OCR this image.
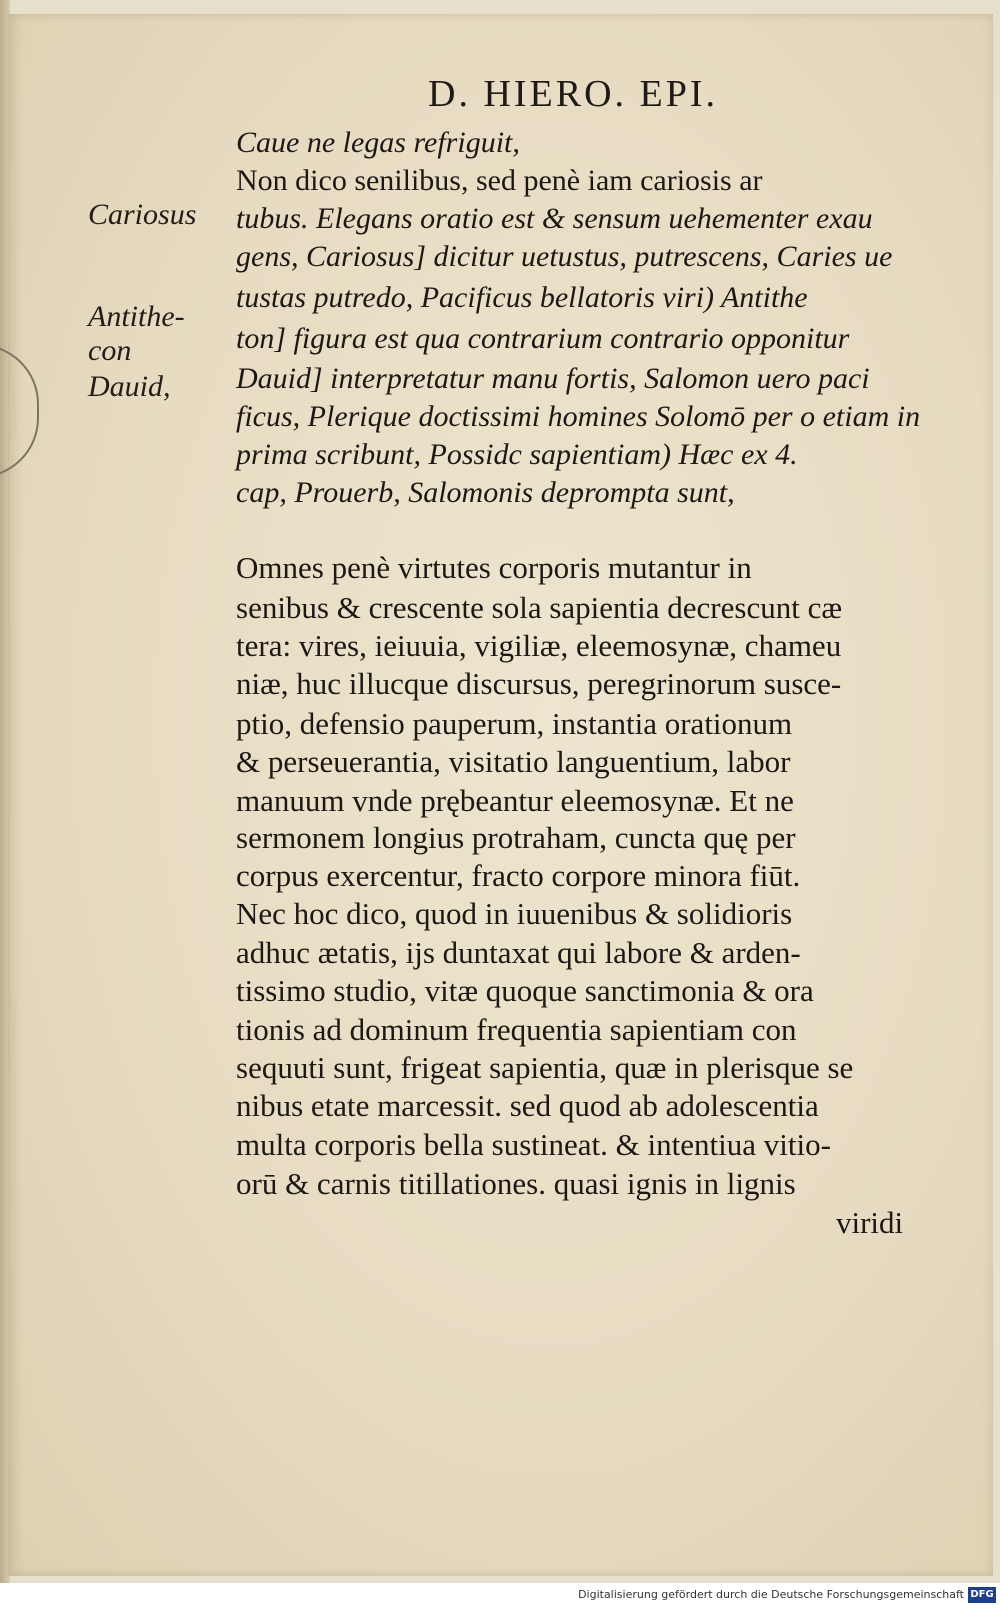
D. HIERO. EPI.
Cariosus
Antithe-
con
Dauid,
Caue ne legas refriguit,
Non dico senilibus, sed penè iam cariosis ar
tubus. Elegans oratio est & sensum uehementer exau
gens, Cariosus] dicitur uetustus, putrescens, Caries ue
tustas putredo, Pacificus bellatoris viri) Antithe
ton] figura est qua contrarium contrario opponitur
Dauid] interpretatur manu fortis, Salomon uero paci
ficus, Plerique doctissimi homines Solomō per o etiam in
prima scribunt, Possidc sapientiam) Hæc ex 4.
cap, Prouerb, Salomonis deprompta sunt,
Omnes penè virtutes corporis mutantur in
senibus & crescente sola sapientia decrescunt cæ
tera: vires, ieiuuia, vigiliæ, eleemosynæ, chameu
niæ, huc illucque discursus, peregrinorum susce-
ptio, defensio pauperum, instantia orationum
& perseuerantia, visitatio languentium, labor
manuum vnde prębeantur eleemosynæ. Et ne
sermonem longius protraham, cuncta quę per
corpus exercentur, fracto corpore minora fiūt.
Nec hoc dico, quod in iuuenibus & solidioris
adhuc ætatis, ijs duntaxat qui labore & arden-
tissimo studio, vitæ quoque sanctimonia & ora
tionis ad dominum frequentia sapientiam con
sequuti sunt, frigeat sapientia, quæ in plerisque se
nibus etate marcessit. sed quod ab adolescentia
multa corporis bella sustineat. & intentiua vitio-
orū & carnis titillationes. quasi ignis in lignis
viridi
Digitalisierung gefördert durch die Deutsche Forschungsgemeinschaft DFG
